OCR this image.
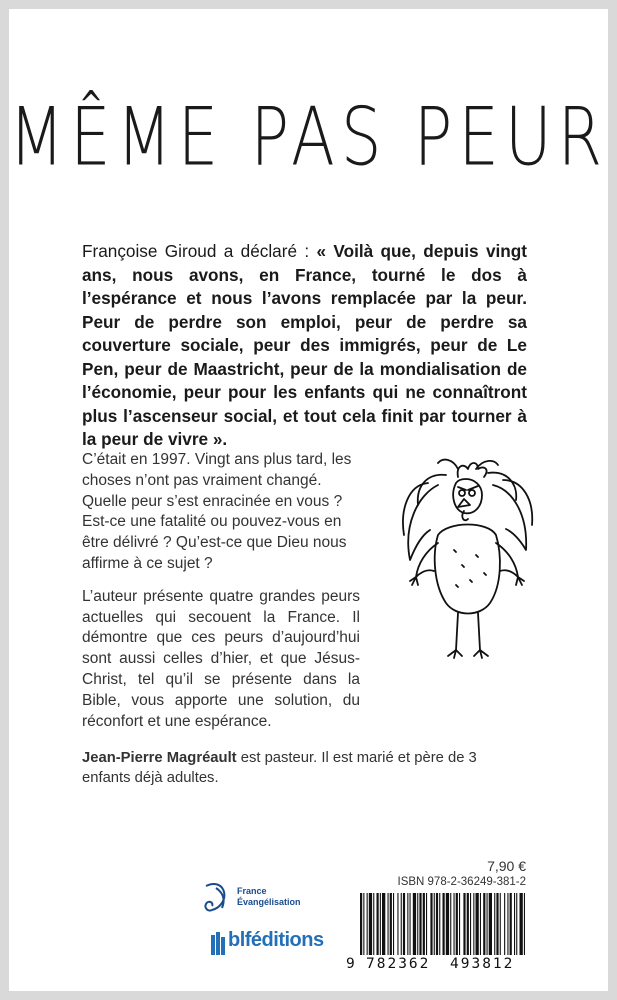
MÊME PAS PEUR
Françoise Giroud a déclaré : « Voilà que, depuis vingt ans, nous avons, en France, tourné le dos à l’espérance et nous l’avons remplacée par la peur. Peur de perdre son emploi, peur de perdre sa couverture sociale, peur des immigrés, peur de Le Pen, peur de Maastricht, peur de la mondialisation de l’économie, peur pour les enfants qui ne connaîtront plus l’ascenseur social, et tout cela finit par tourner à la peur de vivre ».

C’était en 1997. Vingt ans plus tard, les choses n’ont pas vraiment changé. Quelle peur s’est enracinée en vous ? Est-ce une fatalité ou pouvez-vous en être délivré ? Qu’est-ce que Dieu nous affirme à ce sujet ?

L’auteur présente quatre grandes peurs actuelles qui secouent la France. Il démontre que ces peurs d’aujourd’hui sont aussi celles d’hier, et que Jésus-Christ, tel qu’il se présente dans la Bible, vous apporte une solution, du réconfort et une espérance.

Jean-Pierre Magréault est pasteur. Il est marié et père de 3 enfants déjà adultes.
France
Évangélisation
blféditions
7,90 €
ISBN 978-2-36249-381-2
9 782362 493812
